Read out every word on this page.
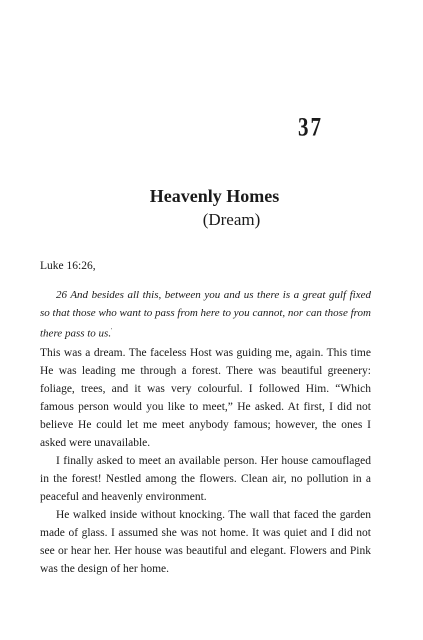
37
Heavenly Homes
(Dream)
Luke 16:26,

26 And besides all this, between you and us there is a great gulf fixed so that those who want to pass from here to you cannot, nor can those from there pass to us.'

This was a dream. The faceless Host was guiding me, again. This time He was leading me through a forest. There was beautiful greenery: foliage, trees, and it was very colourful. I followed Him. “Which famous person would you like to meet,” He asked. At first, I did not believe He could let me meet anybody famous; however, the ones I asked were unavailable.

I finally asked to meet an available person. Her house camouflaged in the forest! Nestled among the flowers. Clean air, no pollution in a peaceful and heavenly environment.

He walked inside without knocking. The wall that faced the garden made of glass. I assumed she was not home. It was quiet and I did not see or hear her. Her house was beautiful and elegant. Flowers and Pink was the design of her home.
